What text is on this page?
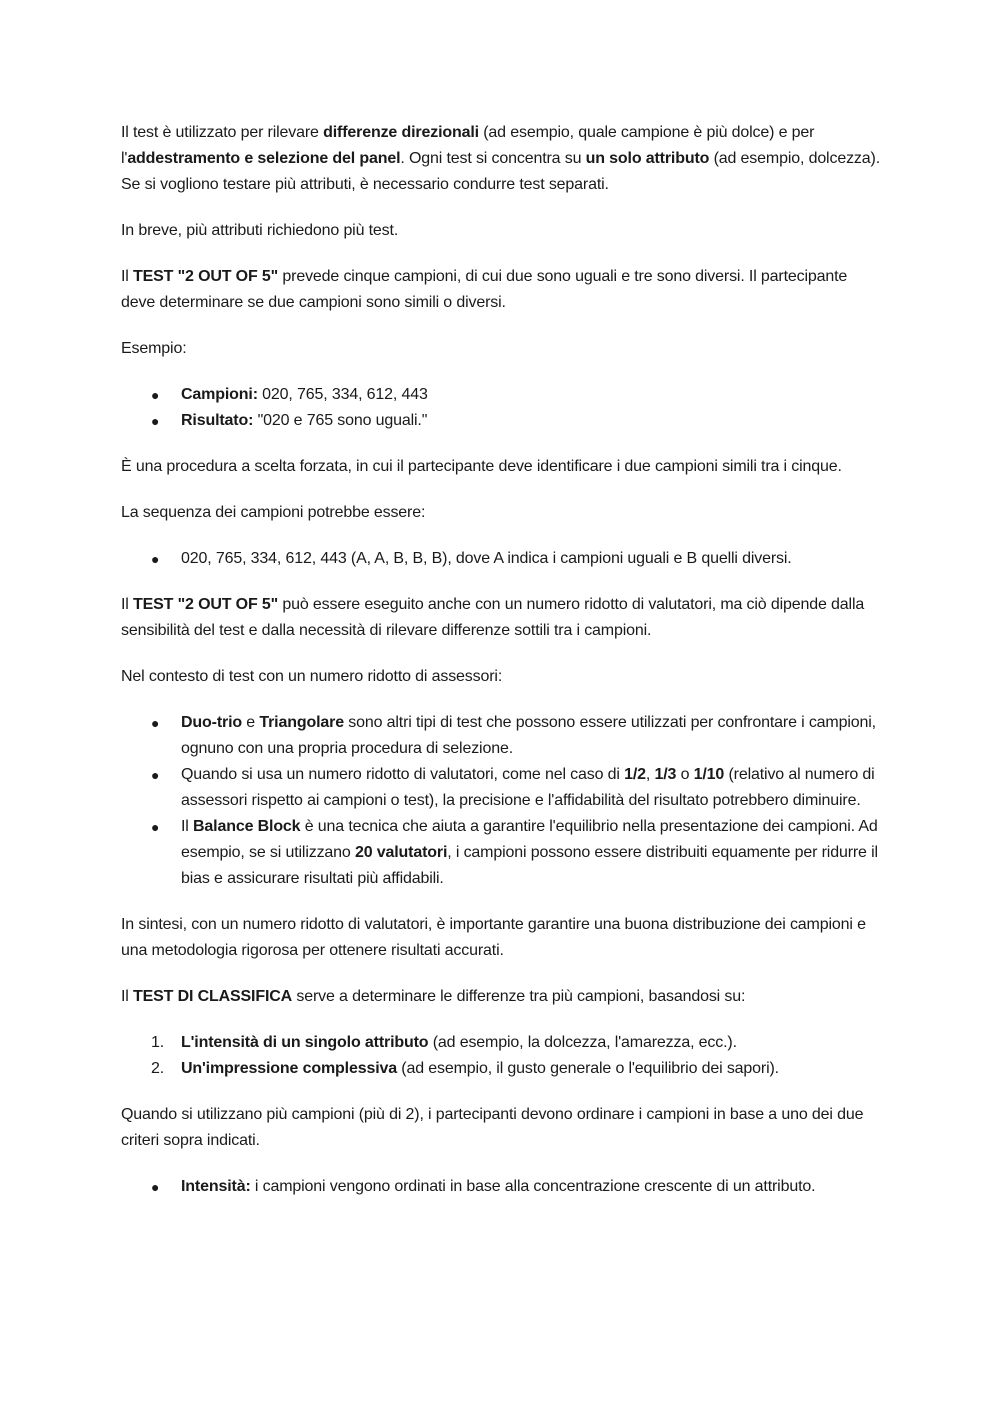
Il test è utilizzato per rilevare differenze direzionali (ad esempio, quale campione è più dolce) e per l'addestramento e selezione del panel. Ogni test si concentra su un solo attributo (ad esempio, dolcezza). Se si vogliono testare più attributi, è necessario condurre test separati.

In breve, più attributi richiedono più test.

Il TEST "2 OUT OF 5" prevede cinque campioni, di cui due sono uguali e tre sono diversi. Il partecipante deve determinare se due campioni sono simili o diversi.

Esempio:

● Campioni: 020, 765, 334, 612, 443
● Risultato: "020 e 765 sono uguali."

È una procedura a scelta forzata, in cui il partecipante deve identificare i due campioni simili tra i cinque.

La sequenza dei campioni potrebbe essere:

● 020, 765, 334, 612, 443 (A, A, B, B, B), dove A indica i campioni uguali e B quelli diversi.

Il TEST "2 OUT OF 5" può essere eseguito anche con un numero ridotto di valutatori, ma ciò dipende dalla sensibilità del test e dalla necessità di rilevare differenze sottili tra i campioni.

Nel contesto di test con un numero ridotto di assessori:

● Duo-trio e Triangolare sono altri tipi di test che possono essere utilizzati per confrontare i campioni, ognuno con una propria procedura di selezione.
● Quando si usa un numero ridotto di valutatori, come nel caso di 1/2, 1/3 o 1/10 (relativo al numero di assessori rispetto ai campioni o test), la precisione e l'affidabilità del risultato potrebbero diminuire.
● Il Balance Block è una tecnica che aiuta a garantire l'equilibrio nella presentazione dei campioni. Ad esempio, se si utilizzano 20 valutatori, i campioni possono essere distribuiti equamente per ridurre il bias e assicurare risultati più affidabili.

In sintesi, con un numero ridotto di valutatori, è importante garantire una buona distribuzione dei campioni e una metodologia rigorosa per ottenere risultati accurati.

Il TEST DI CLASSIFICA serve a determinare le differenze tra più campioni, basandosi su:

1. L'intensità di un singolo attributo (ad esempio, la dolcezza, l'amarezza, ecc.).
2. Un'impressione complessiva (ad esempio, il gusto generale o l'equilibrio dei sapori).

Quando si utilizzano più campioni (più di 2), i partecipanti devono ordinare i campioni in base a uno dei due criteri sopra indicati.

● Intensità: i campioni vengono ordinati in base alla concentrazione crescente di un attributo.
